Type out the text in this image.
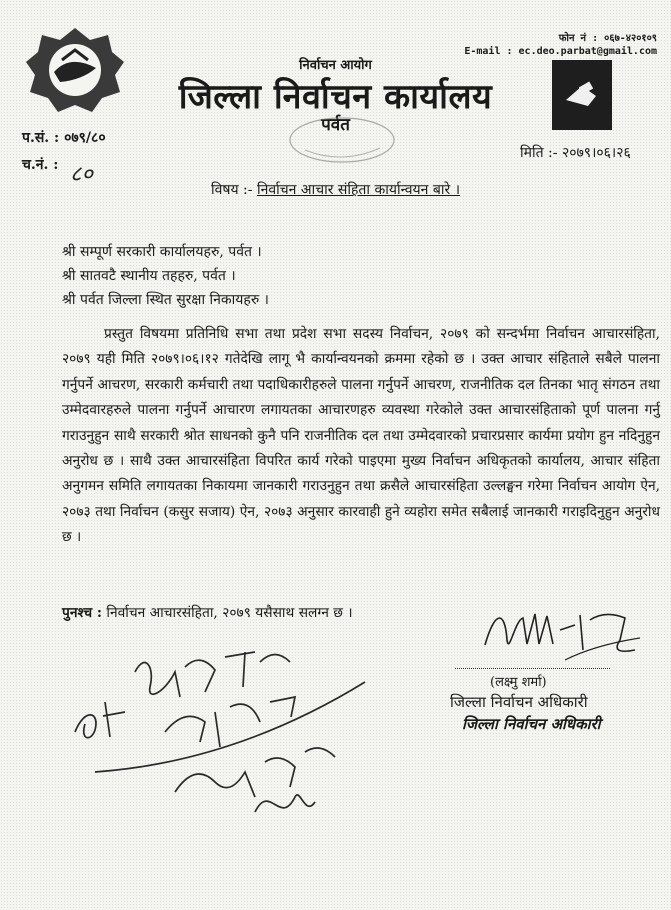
निर्वाचन आयोग
जिल्ला निर्वाचन कार्यालय
पर्वत
फोन नं : ०६७-४२०१०९
E-mail : ec.deo.parbat@gmail.com
प.सं. : ०७९/८०
च.नं. : ८०
मिति :- २०७९।०६।२६
विषय :- निर्वाचन आचार संहिता कार्यान्वयन बारे ।
श्री सम्पूर्ण सरकारी कार्यालयहरु, पर्वत ।
श्री सातवटै स्थानीय तहहरु, पर्वत ।
श्री पर्वत जिल्ला स्थित सुरक्षा निकायहरु ।
प्रस्तुत विषयमा प्रतिनिधि सभा तथा प्रदेश सभा सदस्य निर्वाचन, २०७९ को सन्दर्भमा निर्वाचन आचारसंहिता, २०७९ यही मिति २०७९।०६।१२ गतेदेखि लागू भै कार्यान्वयनको क्रममा रहेको छ । उक्त आचार संहिताले सबैले पालना गर्नुपर्ने आचरण, सरकारी कर्मचारी तथा पदाधिकारीहरुले पालना गर्नुपर्ने आचरण, राजनीतिक दल तिनका भातृ संगठन तथा उम्मेदवारहरुले पालना गर्नुपर्ने आचारण लगायतका आचारणहरु व्यवस्था गरेकोले उक्त आचारसंहिताको पूर्ण पालना गर्नु गराउनुहुन साथै सरकारी श्रोत साधनको कुनै पनि राजनीतिक दल तथा उम्मेदवारको प्रचारप्रसार कार्यमा प्रयोग हुन नदिनुहुन अनुरोध छ । साथै उक्त आचारसंहिता विपरित कार्य गरेको पाइएमा मुख्य निर्वाचन अधिकृतको कार्यालय, आचार संहिता अनुगमन समिति लगायतका निकायमा जानकारी गराउनुहुन तथा क्रसैले आचारसंहिता उल्लङ्घन गरेमा निर्वाचन आयोग ऐन, २०७३ तथा निर्वाचन (कसुर सजाय) ऐन, २०७३ अनुसार कारवाही हुने व्यहोरा समेत सबैलाई जानकारी गराइदिनुहुन अनुरोध छ ।
पुनश्च : निर्वाचन आचारसंहिता, २०७९ यसैसाथ सलग्न छ ।
(लक्ष्मु शर्मा)
जिल्ला निर्वाचन अधिकारी
जिल्ला निर्वाचन अधिकारी
